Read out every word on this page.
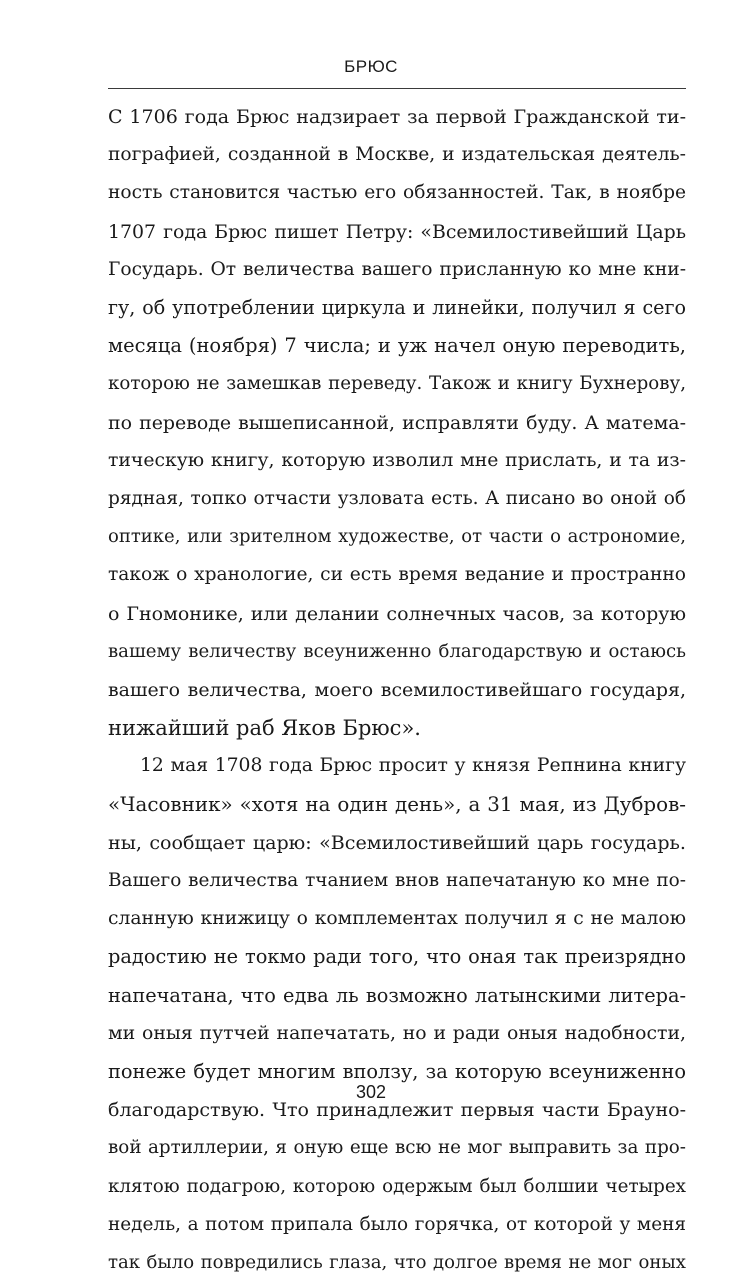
БРЮС
С 1706 года Брюс надзирает за первой Гражданской ти-
пографией, созданной в Москве, и издательская деятель-
ность становится частью его обязанностей. Так, в ноябре
1707 года Брюс пишет Петру: «Всемилостивейший Царь
Государь. От величества вашего присланную ко мне кни-
гу, об употреблении циркула и линейки, получил я сего
месяца (ноября) 7 числа; и уж начел оную переводить,
которою не замешкав переведу. Також и книгу Бухнерову,
по переводе вышеписанной, исправляти буду. А матема-
тическую книгу, которую изволил мне прислать, и та из-
рядная, топко отчасти узловата есть. А писано во оной об
оптике, или зрителном художестве, от части о астрономие,
також о хранологие, си есть время ведание и пространно
о Гномонике, или делании солнечных часов, за которую
вашему величеству всеуниженно благодарствую и остаюсь
вашего величества, моего всемилостивейшаго государя,
нижайший раб Яков Брюс».
12 мая 1708 года Брюс просит у князя Репнина книгу
«Часовник» «хотя на один день», а 31 мая, из Дубров-
ны, сообщает царю: «Всемилостивейший царь государь.
Вашего величества тчанием внов напечатаную ко мне по-
сланную книжицу о комплементах получил я с не малою
радостию не токмо ради того, что оная так преизрядно
напечатана, что едва ль возможно латынскими литера-
ми оныя путчей напечатать, но и ради оныя надобности,
понеже будет многим вползу, за которую всеуниженно
благодарствую. Что принадлежит первыя части Брауно-
вой артиллерии, я оную еще всю не мог выправить за про-
клятою подагрою, которою одержым был болшии четырех
недель, а потом припала было горячка, от которой у меня
так было повредились глаза, что долгое время не мог оных
302
